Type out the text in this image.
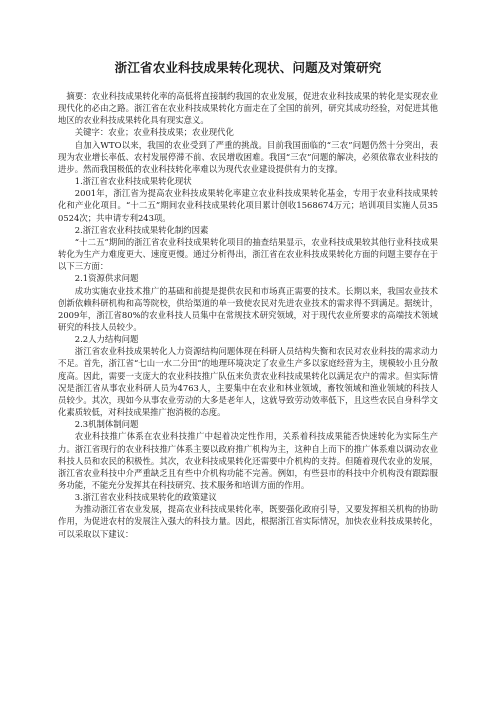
浙江省农业科技成果转化现状、问题及对策研究

摘要：农业科技成果转化率的高低将直接制约我国的农业发展，促进农业科技成果的转化是实现农业现代化的必由之路。浙江省在农业科技成果转化方面走在了全国的前列，研究其成功经验，对促进其他地区的农业科技成果转化具有现实意义。

关键字：农业；农业科技成果；农业现代化

自加入WTO以来，我国的农业受到了严重的挑战。目前我国面临的“三农”问题仍然十分突出，表现为农业增长率低、农村发展停滞不前、农民增收困难。我国“三农”问题的解决，必须依靠农业科技的进步。然而我国极低的农业科技转化率难以为现代农业建设提供有力的支撑。

1.浙江省农业科技成果转化现状

2001年，浙江省为提高农业科技成果转化率建立农业科技成果转化基金，专用于农业科技成果转化和产业化项目。“十二五”期间农业科技成果转化项目累计创收1568674万元；培训项目实施人员350524次；共申请专利243项。

2.浙江省农业科技成果转化制约因素

“十二五”期间的浙江省农业科技成果转化项目的抽查结果显示，农业科技成果较其他行业科技成果转化为生产力难度更大、速度更慢。通过分析得出，浙江省在农业科技成果转化方面的问题主要存在于以下三方面：

2.1资源供求问题

成功实施农业技术推广的基础和前提是提供农民和市场真正需要的技术。长期以来，我国农业技术创新依赖科研机构和高等院校，供给渠道的单一致使农民对先进农业技术的需求得不到满足。据统计，2009年，浙江省80%的农业科技人员集中在常规技术研究领域，对于现代农业所要求的高端技术领域研究的科技人员较少。

2.2人力结构问题

浙江省农业科技成果转化人力资源结构问题体现在科研人员结构失衡和农民对农业科技的需求动力不足。首先，浙江省“七山一水二分田”的地理环境决定了农业生产多以家庭经营为主，规模较小且分散度高。因此，需要一支庞大的农业科技推广队伍来负责农业科技成果转化以满足农户的需求。但实际情况是浙江省从事农业科研人员为4763人，主要集中在农业和林业领域，畜牧领域和渔业领域的科技人员较少。其次，现如今从事农业劳动的大多是老年人，这就导致劳动效率低下，且这些农民自身科学文化素质较低，对科技成果推广抱消极的态度。

2.3机制体制问题

农业科技推广体系在农业科技推广中起着决定性作用，关系着科技成果能否快速转化为实际生产力。浙江省现行的农业科技推广体系主要以政府推广机构为主，这种自上而下的推广体系难以调动农业科技人员和农民的积极性。其次，农业科技成果转化还需要中介机构的支持。但随着现代农业的发展，浙江省农业科技中介严重缺乏且有些中介机构功能不完善。例如，有些县市的科技中介机构没有跟踪服务功能，不能充分发挥其在科技研究、技术服务和培训方面的作用。

3.浙江省农业科技成果转化的政策建议

为推动浙江省农业发展，提高农业科技成果转化率，既要强化政府引导，又要发挥相关机构的协助作用，为促进农村的发展注入强大的科技力量。因此，根据浙江省实际情况，加快农业科技成果转化，可以采取以下建议：
